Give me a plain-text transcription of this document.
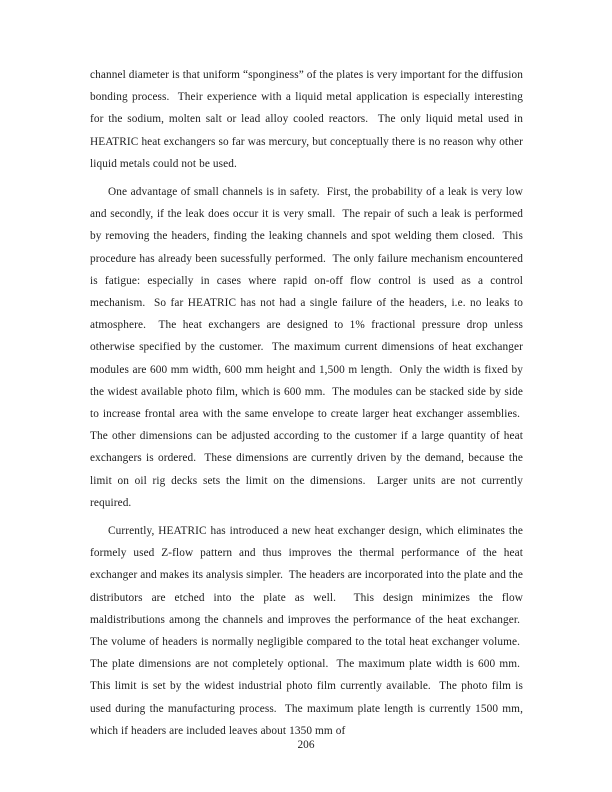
channel diameter is that uniform “sponginess” of the plates is very important for the diffusion bonding process.  Their experience with a liquid metal application is especially interesting for the sodium, molten salt or lead alloy cooled reactors.  The only liquid metal used in HEATRIC heat exchangers so far was mercury, but conceptually there is no reason why other liquid metals could not be used.

One advantage of small channels is in safety.  First, the probability of a leak is very low and secondly, if the leak does occur it is very small.  The repair of such a leak is performed by removing the headers, finding the leaking channels and spot welding them closed.  This procedure has already been sucessfully performed.  The only failure mechanism encountered is fatigue: especially in cases where rapid on-off flow control is used as a control mechanism.  So far HEATRIC has not had a single failure of the headers, i.e. no leaks to atmosphere.  The heat exchangers are designed to 1% fractional pressure drop unless otherwise specified by the customer.  The maximum current dimensions of heat exchanger modules are 600 mm width, 600 mm height and 1,500 m length.  Only the width is fixed by the widest available photo film, which is 600 mm.  The modules can be stacked side by side to increase frontal area with the same envelope to create larger heat exchanger assemblies.  The other dimensions can be adjusted according to the customer if a large quantity of heat exchangers is ordered.  These dimensions are currently driven by the demand, because the limit on oil rig decks sets the limit on the dimensions.  Larger units are not currently required.

Currently, HEATRIC has introduced a new heat exchanger design, which eliminates the formely used Z-flow pattern and thus improves the thermal performance of the heat exchanger and makes its analysis simpler.  The headers are incorporated into the plate and the distributors are etched into the plate as well.  This design minimizes the flow maldistributions among the channels and improves the performance of the heat exchanger.  The volume of headers is normally negligible compared to the total heat exchanger volume.  The plate dimensions are not completely optional.  The maximum plate width is 600 mm.  This limit is set by the widest industrial photo film currently available.  The photo film is used during the manufacturing process.  The maximum plate length is currently 1500 mm, which if headers are included leaves about 1350 mm of

206
